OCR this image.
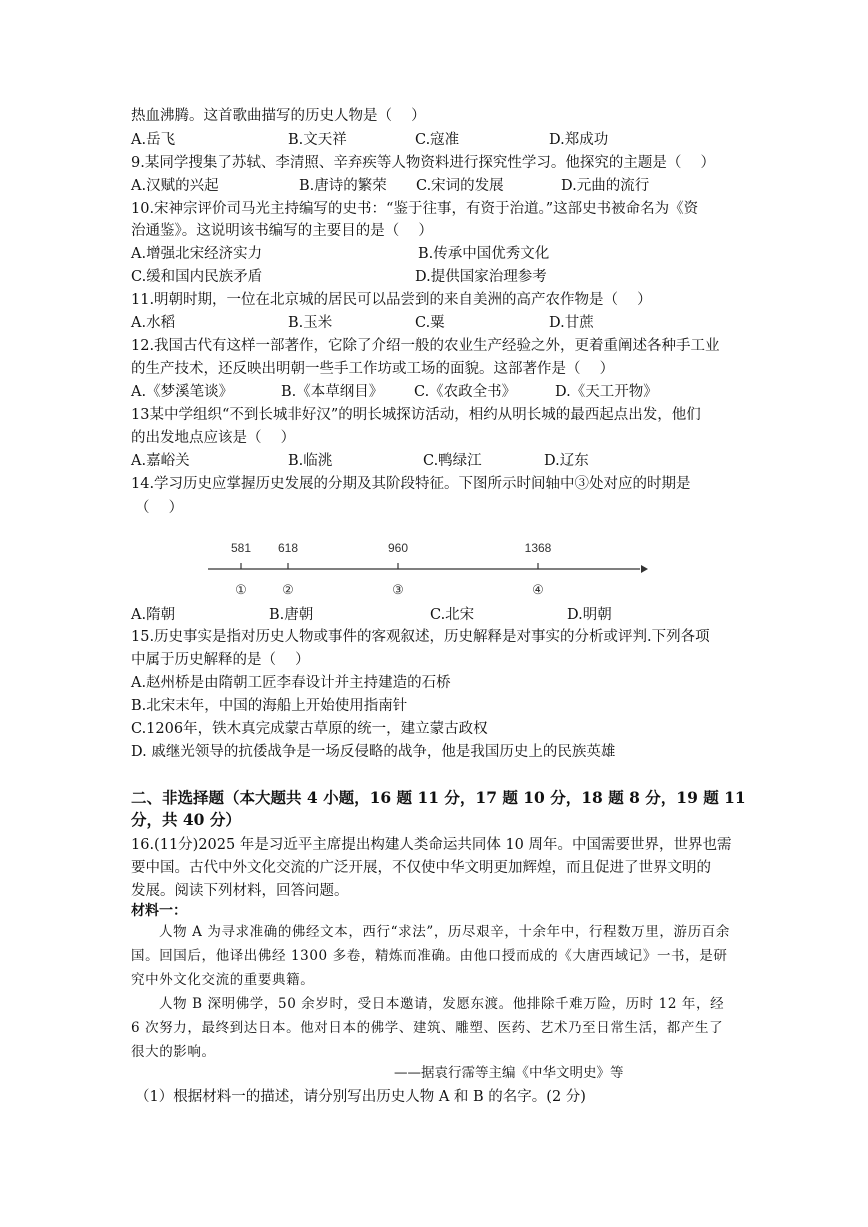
热血沸腾。这首歌曲描写的历史人物是（　 ）
A.岳飞	B.文天祥	C.寇准	D.郑成功
9.某同学搜集了苏轼、李清照、辛弃疾等人物资料进行探究性学习。他探究的主题是（　 ）
A.汉赋的兴起	B.唐诗的繁荣 C.宋词的发展	D.元曲的流行
10.宋神宗评价司马光主持编写的史书：“鉴于往事，有资于治道。”这部史书被命名为《资
治通鉴》。这说明该书编写的主要目的是（　 ）
A.增强北宋经济实力	B.传承中国优秀文化
C.缓和国内民族矛盾	D.提供国家治理参考
11.明朝时期，一位在北京城的居民可以品尝到的来自美洲的高产农作物是（　 ）
A.水稻	B.玉米	C.粟	D.甘蔗
12.我国古代有这样一部著作，它除了介绍一般的农业生产经验之外，更着重阐述各种手工业
的生产技术，还反映出明朝一些手工作坊或工场的面貌。这部著作是（　 ）
A.《梦溪笔谈》	B.《本草纲目》 C.《农政全书》	D.《天工开物》
13某中学组织“不到长城非好汉”的明长城探访活动，相约从明长城的最西起点出发，他们
的出发地点应该是（　 ）
A.嘉峪关	B.临洮	C.鸭绿江	D.辽东
14.学习历史应掌握历史发展的分期及其阶段特征。下图所示时间轴中③处对应的时期是
（　 ）
581 618	960	1368
①	②	③	④
A.隋朝	B.唐朝	C.北宋	D.明朝
15.历史事实是指对历史人物或事件的客观叙述，历史解释是对事实的分析或评判.下列各项
中属于历史解释的是（　 ）
A.赵州桥是由隋朝工匠李春设计并主持建造的石桥
B.北宋末年，中国的海船上开始使用指南针
C.1206年，铁木真完成蒙古草原的统一，建立蒙古政权
D. 戚继光领导的抗倭战争是一场反侵略的战争，他是我国历史上的民族英雄
二、非选择题（本大题共 4 小题，16 题 11 分，17 题 10 分，18 题 8 分，19 题 11
分，共 40 分）
16.(11分)2025 年是习近平主席提出构建人类命运共同体 10 周年。中国需要世界，世界也需
要中国。古代中外文化交流的广泛开展，不仅使中华文明更加辉煌，而且促进了世界文明的
发展。阅读下列材料，回答问题。
材料一：

人物 A 为寻求准确的佛经文本，西行“求法”，历尽艰辛，十余年中，行程数万里，游历百余国。回国后，他译出佛经 1300 多卷，精炼而准确。由他口授而成的《大唐西域记》一书，是研究中外文化交流的重要典籍。

人物 B 深明佛学，50 余岁时，受日本邀请，发愿东渡。他排除千难万险，历时 12 年，经 6 次努力，最终到达日本。他对日本的佛学、建筑、雕塑、医药、艺术乃至日常生活，都产生了很大的影响。

——据袁行霈等主编《中华文明史》等
（1）根据材料一的描述，请分别写出历史人物 A 和 B 的名字。(2 分)
